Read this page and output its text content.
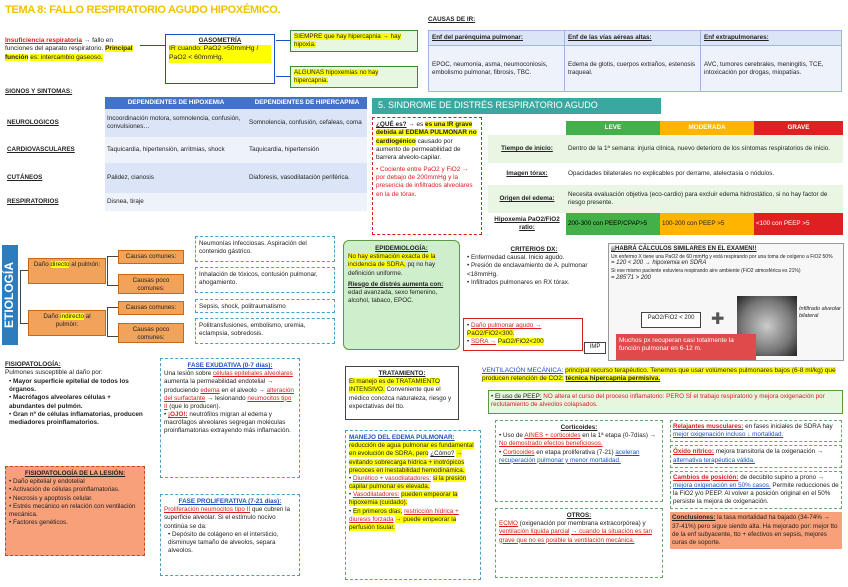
TEMA 8: FALLO RESPIRATORIO AGUDO HIPOXÉMICO.
Insuficiencia respiratoria → fallo en funciones del aparato respiratorio. Principal función es: intercambio gaseoso.
GASOMETRÍA
IR cuando: PaO2 >50mmHg / PaO2 < 60mmHg.
SIEMPRE que hay hipercapnia → hay hipoxia.
ALGUNAS hipoxemias no hay hipercapnia.
CAUSAS DE IR:
Enf del parénquima pulmonar:	Enf de las vías aéreas altas:	Enf extrapulmonares:
EPOC, neumonía, asma, neumoconiosis, embolismo pulmonar, fibrosis, TBC.	Edema de glotis, cuerpos extraños, estenosis traqueal.	AVC, tumores cerebrales, meningitis, TCE, intoxicación por drogas, miopatías.
SIGNOS Y SINTOMAS:
	DEPENDIENTES DE HIPOXEMIA	DEPENDIENTES DE HIPERCAPNIA
NEUROLOGICOS	Incoordinación motora, somnolencia, confusión, convulsiones…	Somnolencia, confusión, cefaleas, coma
CARDIOVASCULARES	Taquicardia, hipertensión, arritmias, shock	Taquicardia, hipertensión
CUTÁNEOS	Palidez, cianosis	Diaforesis, vasodilatación periférica.
RESPIRATORIOS	Disnea, tiraje	
5. SINDROME DE DISTRÉS RESPIRATORIO AGUDO
¿QUÉ es? → es es una IR grave debida al EDEMA PULMONAR no cardiogénico causado por aumento de permeabilidad de barrera alveolo-capilar.
• Cociente entre PaO2 y FiO2 → por debajo de 200mmHg y la presencia de infiltrados alveolares en la de tórax.
	LEVE	MODERADA	GRAVE
Tiempo de inicio:	Dentro de la 1ª semana: injuria clínica, nuevo deterioro de los síntomas respiratorios de inicio.		
Imagen tórax:	Opacidades bilaterales no explicables por derrame, atelectasia o nódulos.		
Origen del edema:	Necesita evaluación objetiva (eco-cardio) para excluir edema hidrostático, si no hay factor de riesgo presente.		
Hipoxemia PaO2/FiO2 ratio:	200-300 con PEEP/CPAP>5	100-200 con PEEP >5	<100 con PEEP >5
ETIOLOGÍA	Daño directo al pulmón:
Daño indirecto al pulmón:
Causas comunes:
Causas poco comunes:
Causas comunes:
Causas poco comunes:
Neumonías infecciosas. Aspiración del contenido gástrico.
Inhalación de tóxicos, contusión pulmonar, ahogamiento.
Sepsis, shock, politraumatismo
Politransfusiones, embolismo, uremia, eclampsia, sobredosis.
EPIDEMIOLOGÍA:
No hay estimación exacta de la incidencia de SDRA, pq no hay definición uniforme.
Riesgo de distrés aumenta con: edad avanzada, sexo femenino, alcohol, tabaco, EPOC.
CRITERIOS DX:
• Enfermedad causal. Inicio agudo.
• Presión de enclavamiento de A. pulmonar <18mmHg.
• Infiltrados pulmonares en RX tórax.
• Daño pulmonar agudo → PaO2/FiO2<300.
• SDRA → PaO2/FiO2<200
IMP
¡¡HABRÁ CÁLCULOS SIMILARES EN EL EXAMEN!!
Un enfermo X tiene una PaO2 de 60 mmHg y está respirando por una toma de oxígeno a FiO2 50%
= 120 < 200 → hipoxemia en SDRA
Si ese mismo paciente estuviera respirando aire ambiente (FiO2 atmosférica es 21%)
= 285'71 > 200
PaO2/FiO2 < 200	✚
Infiltrado alveolar bilateral
Muchos px recuperan casi totalmente la función pulmonar en 6-12 m.
FISIOPATOLOGÍA:
Pulmones susceptible al daño por:
• Mayor superficie epitelial de todos los órganos.
• Macrófagos alveolares células + abundantes del pulmón.
• Gran nº de células inflamatorias, producen mediadores proinflamatorios.
FISIOPATOLOGÍA DE LA LESIÓN:
• Daño epitelial y endotelial
• Activación de células proinflamatorias.
• Necrosis y apoptosis celular.
• Estrés mecánico en relación con ventilación mecánica.
• Factores genéticos.
FASE EXUDATIVA (0-7 días):
Una lesión sobre células epiteliales alveolares aumenta la permeabilidad endotelial → produciendo edema en el alveolo → alteración del surfactante → lesionando neumocitos tipo II (que lo producen).
• ¡OJO!: neutrófilos migran al edema y macrófagos alveolares segregan moléculas proinflamatorias extrayendo más inflamación.
FASE PROLIFERATIVA (7-21 días):
Proliferación neumocitos tipo II que cubren la superficie alveolar. Si el estímulo nocivo continúa se da:
• Depósito de colágeno en el intersticio, disminuye tamaño de alveolos, separa alveolos.
TRATAMIENTO:
El manejo es de TRATAMIENTO INTENSIVO. Conveniente que el médico conozca naturaleza, riesgo y expectativas del tto.
MANEJO DEL EDEMA PULMONAR:
reducción de agua pulmonar es fundamental en evolución de SDRA, pero ¿Cómo? → evitando sobrecarga hídrica + inotrópicos precoces en inestabilidad hemodinámica.
• Diurético + vasodilatadores: si la presión capilar pulmonar es elevada.
• Vasodilatadores: pueden empeorar la hipoxemia (cuidado).
• En primeros días, restricción hídrica + diuresis forzada → puede empeorar la perfusión tisular.
VENTILACIÓN MECÁNICA: principal recurso terapéutico. Tenemos que usar volúmenes pulmonares bajos (6-8 ml/kg) que producen retención de CO2: técnica hipercapnia permisiva.
• El uso de PEEP: NO altera el curso del proceso inflamatorio: PERO SÍ el trabajo respiratorio y mejora oxigenación por reclutamiento de alveolos colapsados.
Corticoides:
• Uso de AINES + corticoides en la 1ª etapa (0-7días) → No demostrado efectos beneficiosos.
• Corticoides en etapa proliferativa (7-21) aceleran recuperación pulmonar y menor mortalidad.
OTROS:
ECMO (oxigenación por membrana extracorpórea) y ventilación líquida parcial → cuando la situación es tan grave que no es posible la ventilación mecánica.
Relajantes musculares: en fases iniciales de SDRA hay mejor oxigenación incluso ↓ mortalidad.
Óxido nítrico: mejora transitoria de la oxigenación → alternativa terapéutica válida.
Cambios de posición: de decúbito supino a prono → mejora oxigenación en 50% casos. Permite reducciones de la FiO2 y/o PEEP. Al volver a posición original en el 50% persiste la mejora de oxigenación.
Conclusiones: la tasa mortalidad ha bajado (34-74% → 37-41%) pero sigue siendo alta. Ha mejorado por: mejor tto de la enf subyacente, tto + efectivos en sepsis, mejores curas de soporte.
